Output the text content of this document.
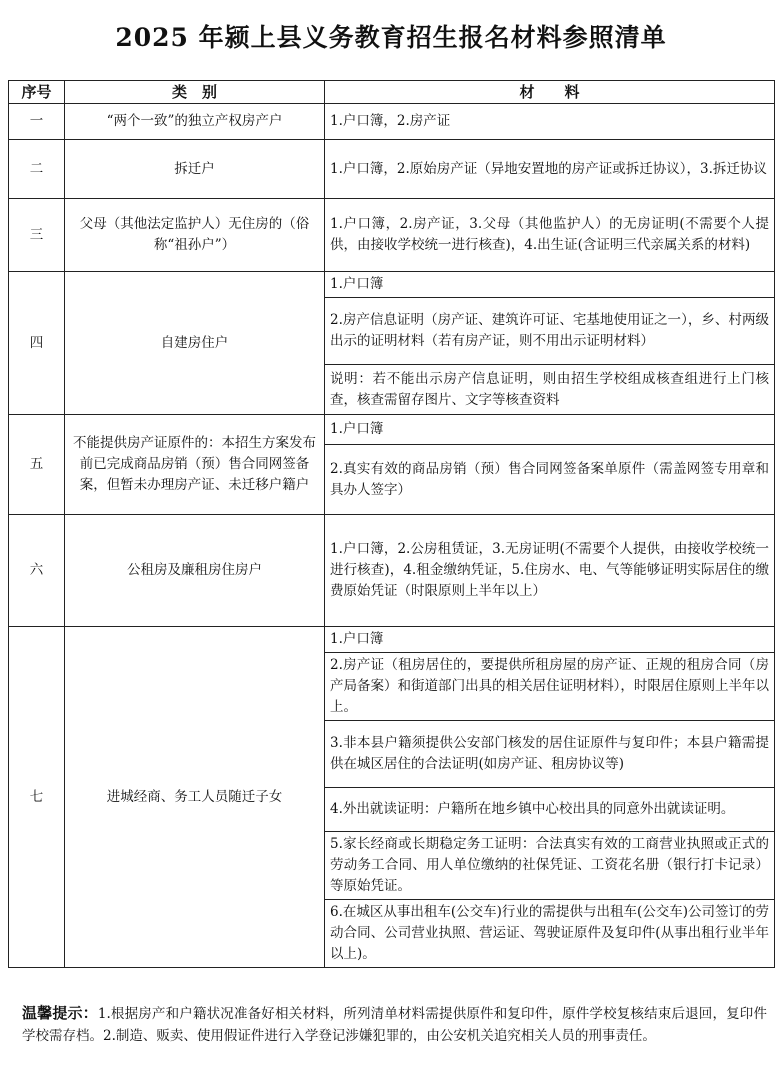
2025 年颍上县义务教育招生报名材料参照清单
序号	类　别	材　　料
一	“两个一致”的独立产权房产户	1.户口簿，2.房产证
二	拆迁户	1.户口簿，2.原始房产证（异地安置地的房产证或拆迁协议），3.拆迁协议
三	父母（其他法定监护人）无住房的（俗称“祖孙户”）	1.户口簿，2.房产证，3.父母（其他监护人）的无房证明(不需要个人提供，由接收学校统一进行核查)，4.出生证(含证明三代亲属关系的材料)
四	自建房住户	1.户口簿
		2.房产信息证明（房产证、建筑许可证、宅基地使用证之一），乡、村两级出示的证明材料（若有房产证，则不用出示证明材料）
		说明：若不能出示房产信息证明，则由招生学校组成核查组进行上门核查，核查需留存图片、文字等核查资料
五	不能提供房产证原件的：本招生方案发布前已完成商品房销（预）售合同网签备案，但暂未办理房产证、未迁移户籍户	1.户口簿
		2.真实有效的商品房销（预）售合同网签备案单原件（需盖网签专用章和具办人签字）
六	公租房及廉租房住房户	1.户口簿，2.公房租赁证，3.无房证明(不需要个人提供，由接收学校统一进行核查)，4.租金缴纳凭证，5.住房水、电、气等能够证明实际居住的缴费原始凭证（时限原则上半年以上）
七	进城经商、务工人员随迁子女	1.户口簿
		2.房产证（租房居住的，要提供所租房屋的房产证、正规的租房合同（房产局备案）和街道部门出具的相关居住证明材料），时限居住原则上半年以上。
		3.非本县户籍须提供公安部门核发的居住证原件与复印件；本县户籍需提供在城区居住的合法证明(如房产证、租房协议等)
		4.外出就读证明：户籍所在地乡镇中心校出具的同意外出就读证明。
		5.家长经商或长期稳定务工证明：合法真实有效的工商营业执照或正式的劳动务工合同、用人单位缴纳的社保凭证、工资花名册（银行打卡记录）等原始凭证。
		6.在城区从事出租车(公交车)行业的需提供与出租车(公交车)公司签订的劳动合同、公司营业执照、营运证、驾驶证原件及复印件(从事出租行业半年以上)。
温馨提示：1.根据房产和户籍状况准备好相关材料，所列清单材料需提供原件和复印件，原件学校复核结束后退回，复印件学校需存档。2.制造、贩卖、使用假证件进行入学登记涉嫌犯罪的，由公安机关追究相关人员的刑事责任。
